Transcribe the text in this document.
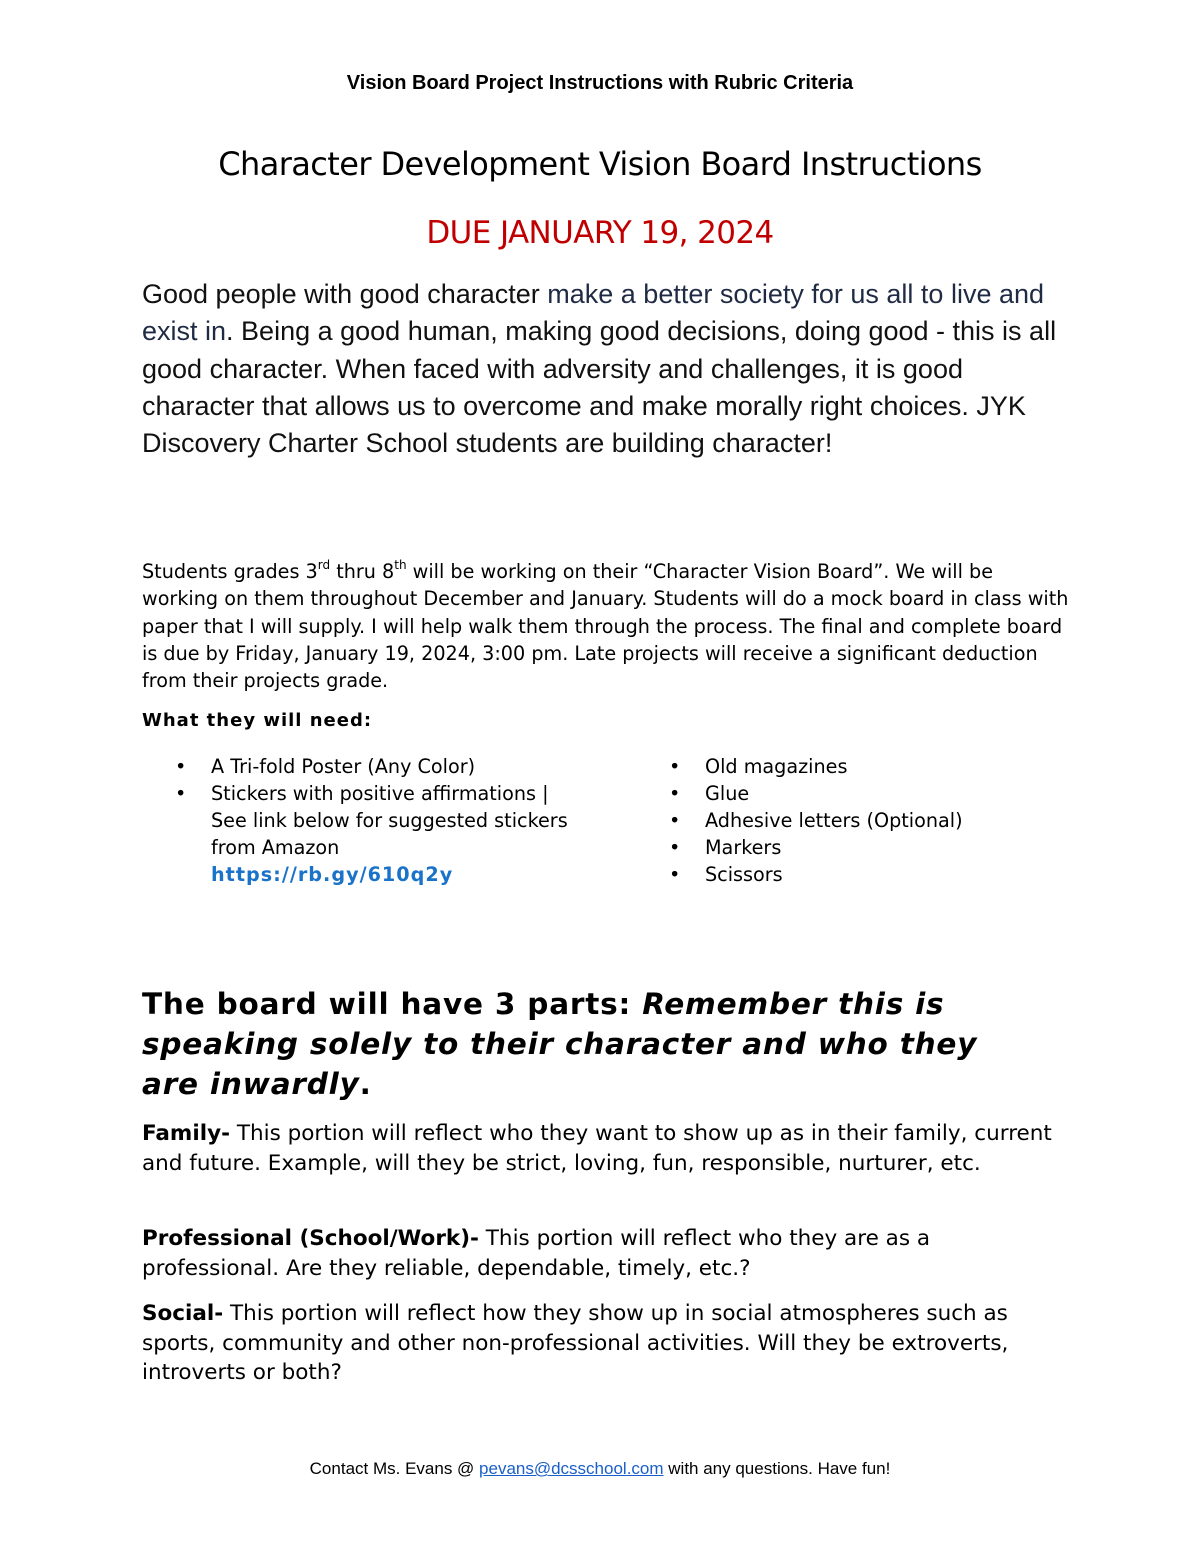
Vision Board Project Instructions with Rubric Criteria
Character Development Vision Board Instructions
DUE JANUARY 19, 2024
Good people with good character make a better society for us all to live and exist in. Being a good human, making good decisions, doing good - this is all good character. When faced with adversity and challenges, it is good character that allows us to overcome and make morally right choices. JYK Discovery Charter School students are building character!
Students grades 3rd thru 8th will be working on their “Character Vision Board”. We will be working on them throughout December and January. Students will do a mock board in class with paper that I will supply. I will help walk them through the process. The final and complete board is due by Friday, January 19, 2024, 3:00 pm. Late projects will receive a significant deduction from their projects grade.
What they will need:
• A Tri-fold Poster (Any Color)
• Stickers with positive affirmations | See link below for suggested stickers from Amazon
https://rb.gy/610q2y
• Old magazines
• Glue
• Adhesive letters (Optional)
• Markers
• Scissors
The board will have 3 parts: Remember this is speaking solely to their character and who they are inwardly.
Family- This portion will reflect who they want to show up as in their family, current and future. Example, will they be strict, loving, fun, responsible, nurturer, etc.
Professional (School/Work)- This portion will reflect who they are as a professional. Are they reliable, dependable, timely, etc.?
Social- This portion will reflect how they show up in social atmospheres such as sports, community and other non-professional activities. Will they be extroverts, introverts or both?
Contact Ms. Evans @ pevans@dcsschool.com with any questions. Have fun!
